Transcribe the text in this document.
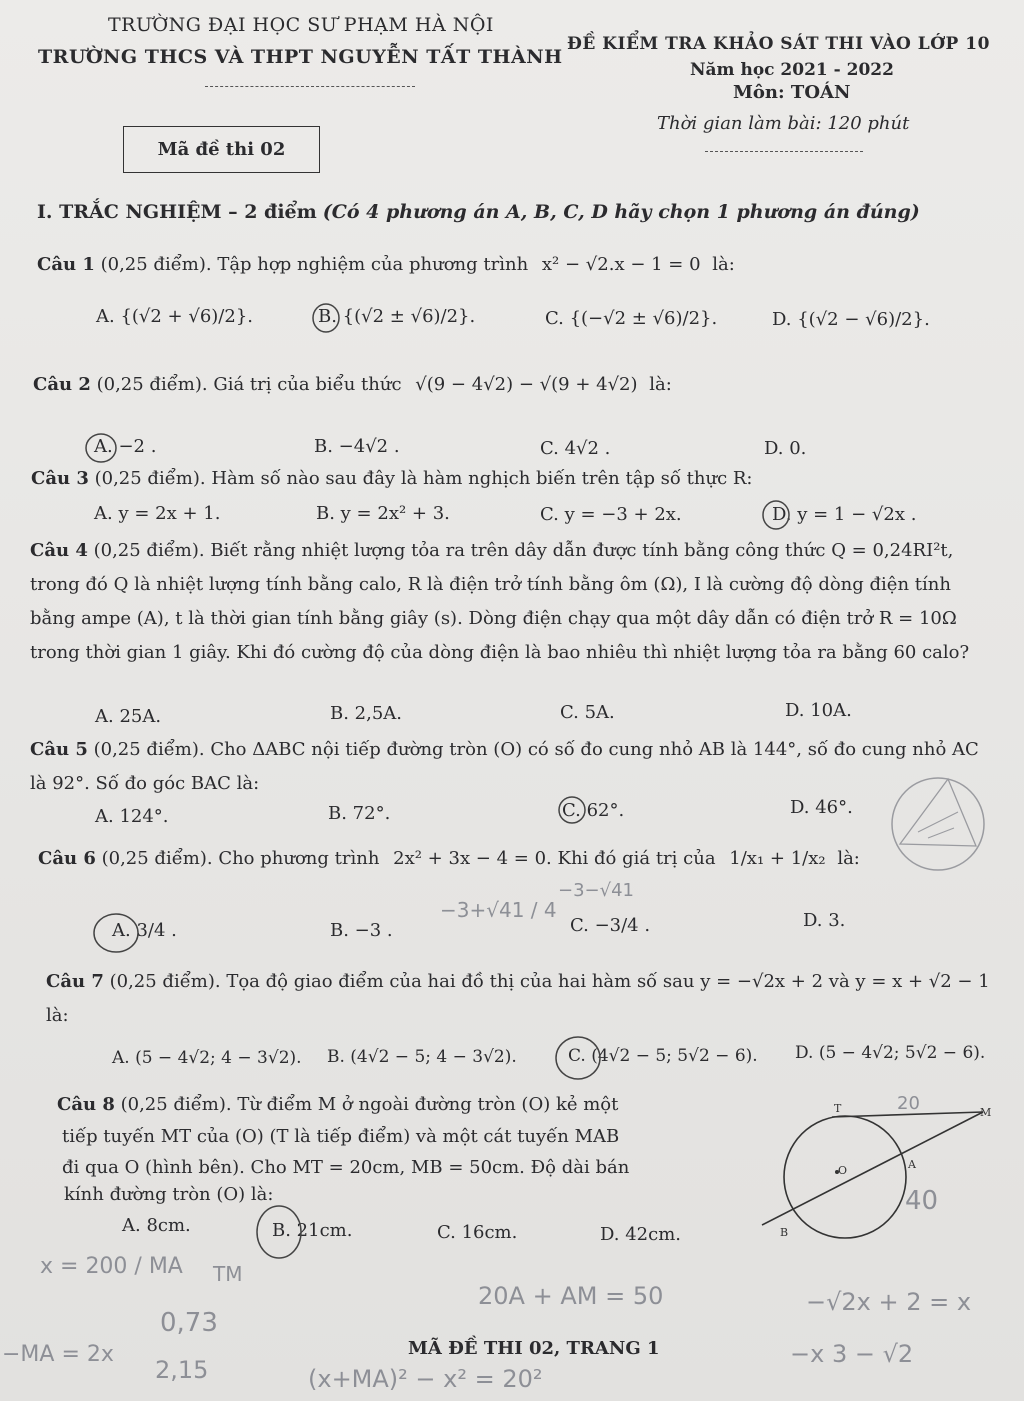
TRƯỜNG ĐẠI HỌC SƯ PHẠM HÀ NỘI
TRƯỜNG THCS VÀ THPT NGUYỄN TẤT THÀNH
ĐỀ KIỂM TRA KHẢO SÁT THI VÀO LỚP 10
Năm học 2021 - 2022
Môn: TOÁN
Thời gian làm bài: 120 phút
Mã đề thi 02
I. TRẮC NGHIỆM – 2 điểm (Có 4 phương án A, B, C, D hãy chọn 1 phương án đúng)
Câu 1 (0,25 điểm). Tập hợp nghiệm của phương trình x² − √2.x − 1 = 0 là:
A. {(√2 + √6)/2}.	B. {(√2 ± √6)/2}.	C. {(−√2 ± √6)/2}.	D. {(√2 − √6)/2}.
Câu 2 (0,25 điểm). Giá trị của biểu thức √(9 − 4√2) − √(9 + 4√2) là:
A. −2 .	B. −4√2 .	C. 4√2 .	D. 0.
Câu 3 (0,25 điểm). Hàm số nào sau đây là hàm nghịch biến trên tập số thực R:
A. y = 2x + 1.	B. y = 2x² + 3.	C. y = −3 + 2x.	D. y = 1 − √2x .
Câu 4 (0,25 điểm). Biết rằng nhiệt lượng tỏa ra trên dây dẫn được tính bằng công thức Q = 0,24RI²t, trong đó Q là nhiệt lượng tính bằng calo, R là điện trở tính bằng ôm (Ω), I là cường độ dòng điện tính bằng ampe (A), t là thời gian tính bằng giây (s). Dòng điện chạy qua một dây dẫn có điện trở R = 10Ω trong thời gian 1 giây. Khi đó cường độ của dòng điện là bao nhiêu thì nhiệt lượng tỏa ra bằng 60 calo?
A. 25A.	B. 2,5A.	C. 5A.	D. 10A.
Câu 5 (0,25 điểm). Cho ΔABC nội tiếp đường tròn (O) có số đo cung nhỏ AB là 144°, số đo cung nhỏ AC là 92°. Số đo góc BAC là:
A. 124°.	B. 72°.	C. 62°.	D. 46°.
Câu 6 (0,25 điểm). Cho phương trình 2x² + 3x − 4 = 0. Khi đó giá trị của 1/x₁ + 1/x₂ là:
A. 3/4 .	B. −3 .	C. −3/4 .	D. 3.
Câu 7 (0,25 điểm). Tọa độ giao điểm của hai đồ thị của hai hàm số sau y = −√2x + 2 và y = x + √2 − 1 là:
A. (5 − 4√2; 4 − 3√2). B. (4√2 − 5; 4 − 3√2).	C. (4√2 − 5; 5√2 − 6). D. (5 − 4√2; 5√2 − 6).
Câu 8 (0,25 điểm). Từ điểm M ở ngoài đường tròn (O) kẻ một
tiếp tuyến MT của (O) (T là tiếp điểm) và một cát tuyến MAB
đi qua O (hình bên). Cho MT = 20cm, MB = 50cm. Độ dài bán
kính đường tròn (O) là:
A. 8cm.	B. 21cm.	C. 16cm.	D. 42cm.
T	M
O	A
B
−3+√41 / 4
−3−√41
x = 200 / MA TM
0,73
−MA = 2x
2,15
20A + AM = 50
(x+MA)² − x² = 20²
−√2x + 2 = x
−x 3 − √2
20
40
MÃ ĐỀ THI 02, TRANG 1
